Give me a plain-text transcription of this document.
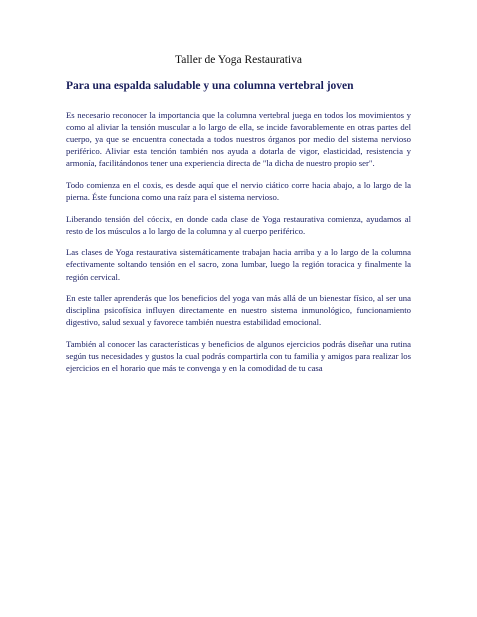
Taller de Yoga Restaurativa
Para una espalda saludable y una columna vertebral joven

Es necesario reconocer la importancia que la columna vertebral juega en todos los movimientos y como al aliviar la tensión muscular a lo largo de ella, se incide favorablemente en otras partes del cuerpo, ya que se encuentra conectada a todos nuestros órganos por medio del sistema nervioso periférico. Aliviar esta tención también nos ayuda a dotarla de vigor, elasticidad, resistencia y armonía, facilitándonos tener una experiencia directa de "la dicha de nuestro propio ser".

Todo comienza en el coxis, es desde aquí que el nervio ciático corre hacia abajo, a lo largo de la pierna. Éste funciona como una raíz para el sistema nervioso.

Liberando tensión del cóccix, en donde cada clase de Yoga restaurativa comienza, ayudamos al resto de los músculos a lo largo de la columna y al cuerpo periférico.

Las clases de Yoga restaurativa sistemáticamente trabajan hacia arriba y a lo largo de la columna efectivamente soltando tensión en el sacro, zona lumbar, luego la región toracica y finalmente la región cervical.

En este taller aprenderás que los beneficios del yoga van más allá de un bienestar físico, al ser una disciplina psicofísica influyen directamente en nuestro sistema inmunológico, funcionamiento digestivo, salud sexual y favorece también nuestra estabilidad emocional.

También al conocer las características y beneficios de algunos ejercicios podrás diseñar una rutina según tus necesidades y gustos la cual podrás compartirla con tu familia y amigos para realizar los ejercicios en el horario que más te convenga y en la comodidad de tu casa
